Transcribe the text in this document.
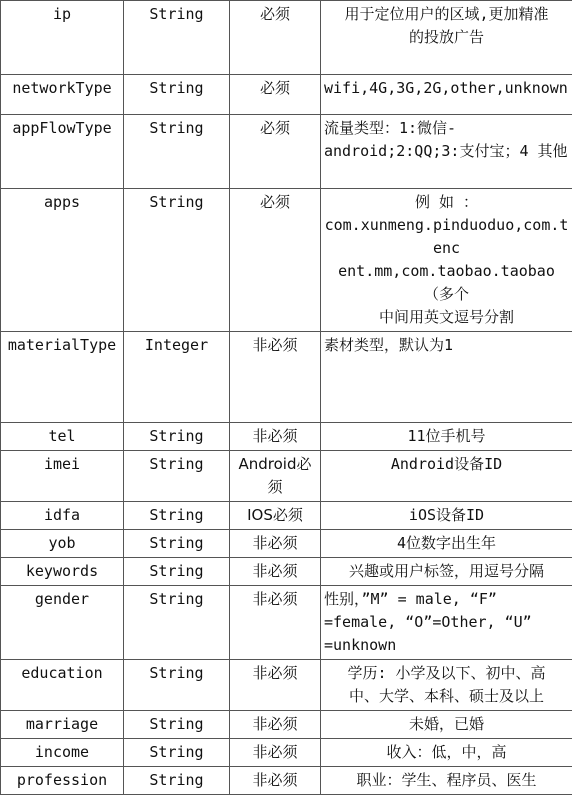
ip	String	必须	用于定位用户的区域,更加精准
的投放广告
networkType	String	必须	wifi,4G,3G,2G,other,unknown
appFlowType	String	必须	流量类型：1:微信-
android;2:QQ;3:支付宝；4 其他
apps	String	必须	例 如 ：
com.xunmeng.pinduoduo,com.tenc
ent.mm,com.taobao.taobao（多个
中间用英文逗号分割
materialType	Integer	非必须	素材类型，默认为1
tel	String	非必须	11位手机号
imei	String	Android必须	Android设备ID
idfa	String	IOS必须	iOS设备ID
yob	String	非必须	4位数字出生年
keywords	String	非必须	兴趣或用户标签，用逗号分隔
gender	String	非必须	性别，”M” = male, “F”
=female, “O”=Other, “U”
=unknown
education	String	非必须	学历: 小学及以下、初中、高
中、大学、本科、硕士及以上
marriage	String	非必须	未婚，已婚
income	String	非必须	收入：低，中，高
profession	String	非必须	职业：学生、程序员、医生
